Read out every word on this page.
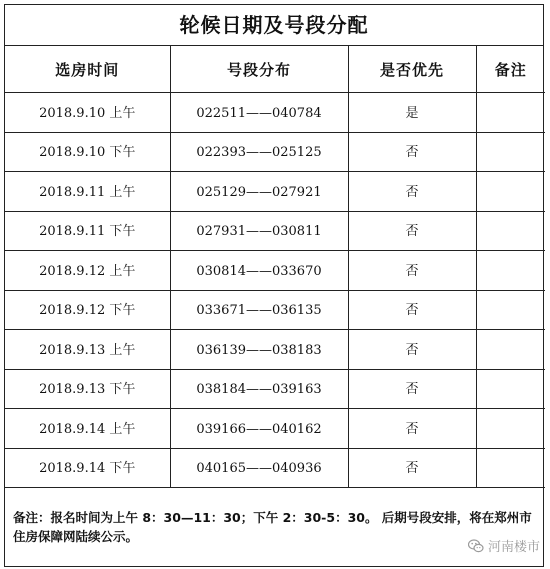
轮候日期及号段分配
选房时间	号段分布	是否优先	备注

2018.9.10 上午	022511——040784	是	

2018.9.10 下午	022393——025125	否	

2018.9.11 上午	025129——027921	否	

2018.9.11 下午	027931——030811	否	

2018.9.12 上午	030814——033670	否	

2018.9.12 下午	033671——036135	否	

2018.9.13 上午	036139——038183	否	

2018.9.13 下午	038184——039163	否	

2018.9.14 上午	039166——040162	否	

2018.9.14 下午	040165——040936	否	

备注：报名时间为上午 8：30—11：30；下午 2：30-5：30。 后期号段安排，将在郑州市住房保障网陆续公示。
河南楼市
